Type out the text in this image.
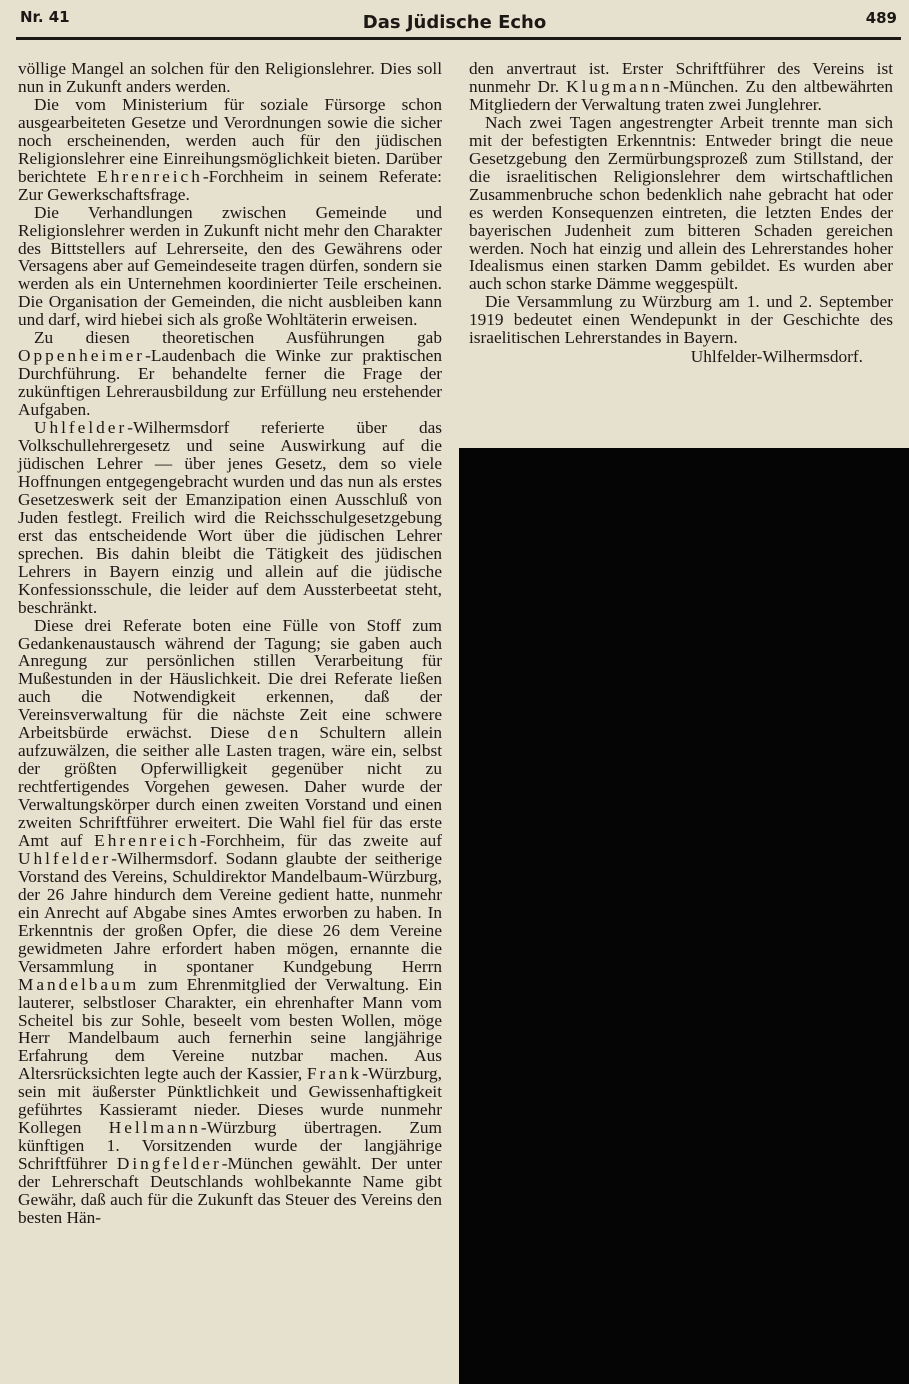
Nr. 41	Das Jüdische Echo	489

völlige Mangel an solchen für den Religionslehrer. Dies soll nun in Zukunft anders werden.

Die vom Ministerium für soziale Fürsorge schon ausgearbeiteten Gesetze und Verordnungen sowie die sicher noch erscheinenden, werden auch für den jüdischen Religionslehrer eine Einreihungsmöglichkeit bieten. Darüber berichtete Ehrenreich-Forchheim in seinem Referate: Zur Gewerkschaftsfrage.

Die Verhandlungen zwischen Gemeinde und Religionslehrer werden in Zukunft nicht mehr den Charakter des Bittstellers auf Lehrerseite, den des Gewährens oder Versagens aber auf Gemeindeseite tragen dürfen, sondern sie werden als ein Unternehmen koordinierter Teile erscheinen. Die Organisation der Gemeinden, die nicht ausbleiben kann und darf, wird hiebei sich als große Wohltäterin erweisen.

Zu diesen theoretischen Ausführungen gab Oppenheimer-Laudenbach die Winke zur praktischen Durchführung. Er behandelte ferner die Frage der zukünftigen Lehrerausbildung zur Erfüllung neu erstehender Aufgaben.

Uhlfelder-Wilhermsdorf referierte über das Volkschullehrergesetz und seine Auswirkung auf die jüdischen Lehrer — über jenes Gesetz, dem so viele Hoffnungen entgegengebracht wurden und das nun als erstes Gesetzeswerk seit der Emanzipation einen Ausschluß von Juden festlegt. Freilich wird die Reichsschulgesetzgebung erst das entscheidende Wort über die jüdischen Lehrer sprechen. Bis dahin bleibt die Tätigkeit des jüdischen Lehrers in Bayern einzig und allein auf die jüdische Konfessionsschule, die leider auf dem Aussterbeetat steht, beschränkt.

Diese drei Referate boten eine Fülle von Stoff zum Gedankenaustausch während der Tagung; sie gaben auch Anregung zur persönlichen stillen Verarbeitung für Mußestunden in der Häuslichkeit. Die drei Referate ließen auch die Notwendigkeit erkennen, daß der Vereinsverwaltung für die nächste Zeit eine schwere Arbeitsbürde erwächst. Diese den Schultern allein aufzuwälzen, die seither alle Lasten tragen, wäre ein, selbst der größten Opferwilligkeit gegenüber nicht zu rechtfertigendes Vorgehen gewesen. Daher wurde der Verwaltungskörper durch einen zweiten Vorstand und einen zweiten Schriftführer erweitert. Die Wahl fiel für das erste Amt auf Ehrenreich-Forchheim, für das zweite auf Uhlfelder-Wilhermsdorf. Sodann glaubte der seitherige Vorstand des Vereins, Schuldirektor Mandelbaum-Würzburg, der 26 Jahre hindurch dem Vereine gedient hatte, nunmehr ein Anrecht auf Abgabe sines Amtes erworben zu haben. In Erkenntnis der großen Opfer, die diese 26 dem Vereine gewidmeten Jahre erfordert haben mögen, ernannte die Versammlung in spontaner Kundgebung Herrn Mandelbaum zum Ehrenmitglied der Verwaltung. Ein lauterer, selbstloser Charakter, ein ehrenhafter Mann vom Scheitel bis zur Sohle, beseelt vom besten Wollen, möge Herr Mandelbaum auch fernerhin seine langjährige Erfahrung dem Vereine nutzbar machen. Aus Altersrücksichten legte auch der Kassier, Frank-Würzburg, sein mit äußerster Pünktlichkeit und Gewissenhaftigkeit geführtes Kassieramt nieder. Dieses wurde nunmehr Kollegen Hellmann-Würzburg übertragen. Zum künftigen 1. Vorsitzenden wurde der langjährige Schriftführer Dingfelder-München gewählt. Der unter der Lehrerschaft Deutschlands wohlbekannte Name gibt Gewähr, daß auch für die Zukunft das Steuer des Vereins den besten Hän-

den anvertraut ist. Erster Schriftführer des Vereins ist nunmehr Dr. Klugmann-München. Zu den altbewährten Mitgliedern der Verwaltung traten zwei Junglehrer.

Nach zwei Tagen angestrengter Arbeit trennte man sich mit der befestigten Erkenntnis: Entweder bringt die neue Gesetzgebung den Zermürbungsprozeß zum Stillstand, der die israelitischen Religionslehrer dem wirtschaftlichen Zusammenbruche schon bedenklich nahe gebracht hat oder es werden Konsequenzen eintreten, die letzten Endes der bayerischen Judenheit zum bitteren Schaden gereichen werden. Noch hat einzig und allein des Lehrerstandes hoher Idealismus einen starken Damm gebildet. Es wurden aber auch schon starke Dämme weggespült.

Die Versammlung zu Würzburg am 1. und 2. September 1919 bedeutet einen Wendepunkt in der Geschichte des israelitischen Lehrerstandes in Bayern.

Uhlfelder-Wilhermsdorf.
